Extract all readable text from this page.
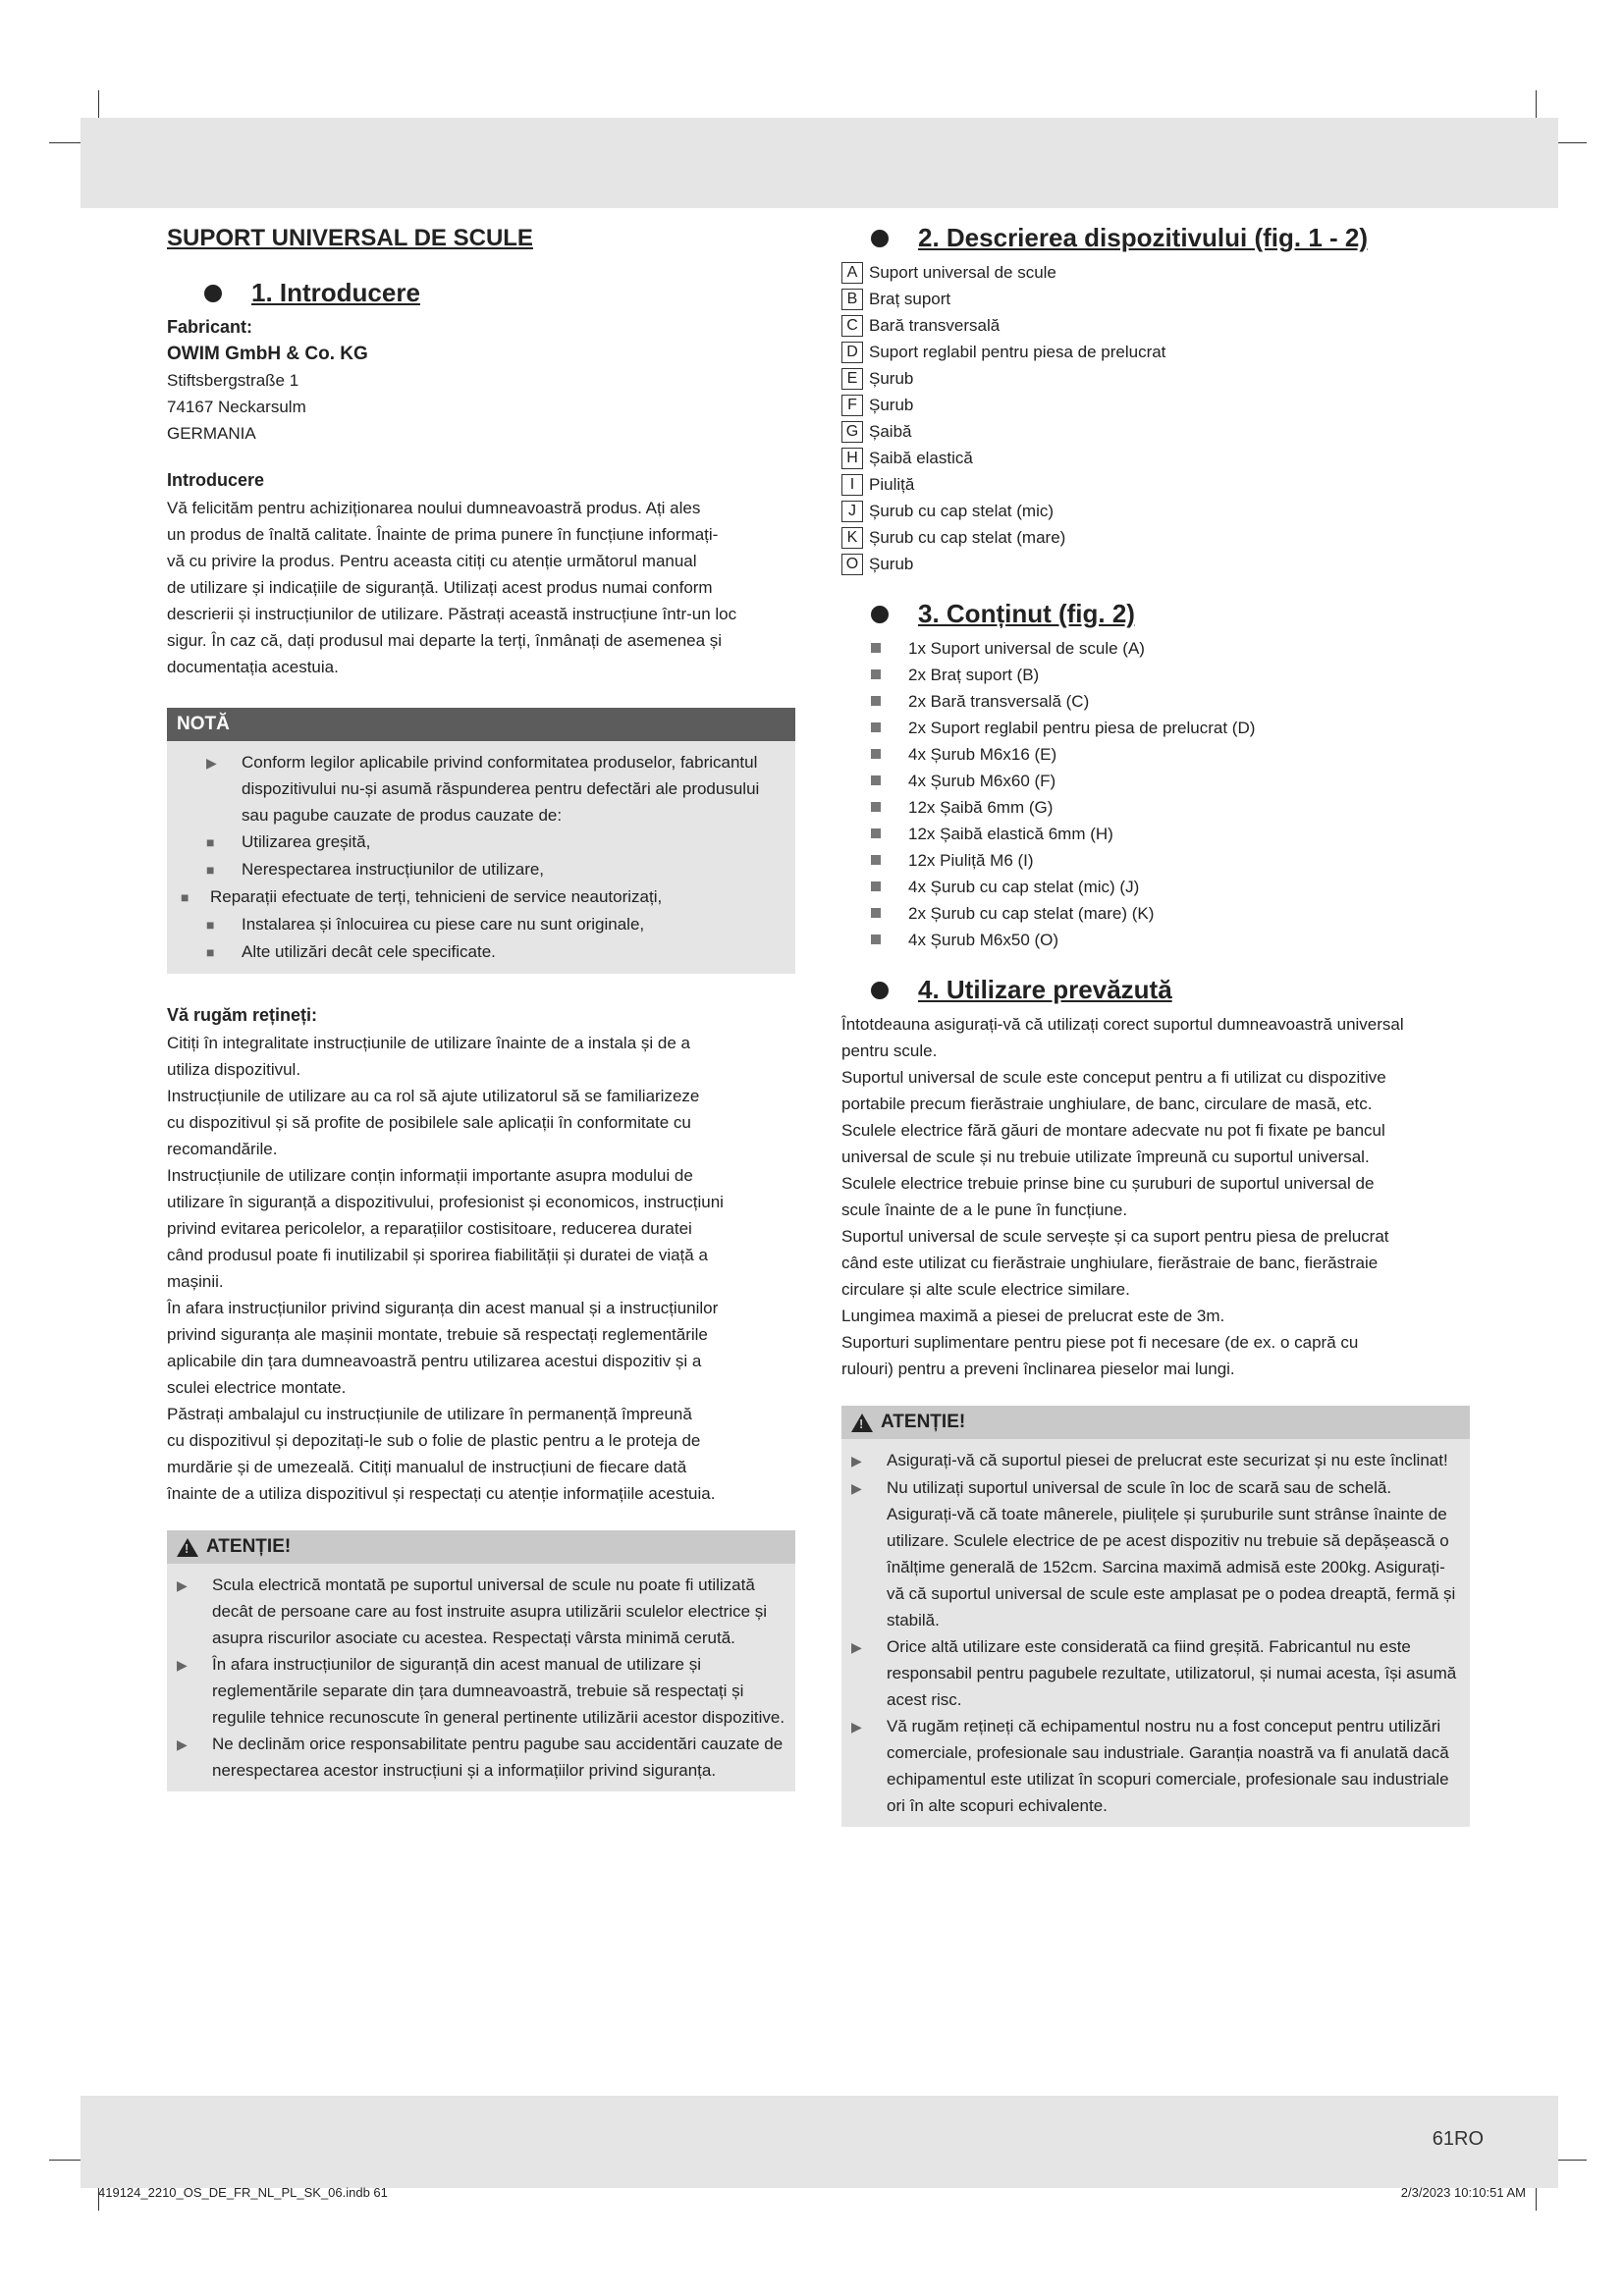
61RO
419124_2210_OS_DE_FR_NL_PL_SK_06.indb 61	2/3/2023 10:10:51 AM
SUPORT UNIVERSAL DE SCULE
1. Introducere

Fabricant:

OWIM GmbH & Co. KG

Stiftsbergstraße 1

74167 Neckarsulm

GERMANIA

Introducere

Vă felicităm pentru achiziționarea noului dumneavoastră produs. Ați ales

un produs de înaltă calitate. Înainte de prima punere în funcțiune informați-

vă cu privire la produs. Pentru aceasta citiți cu atenție următorul manual

de utilizare și indicațiile de siguranță. Utilizați acest produs numai conform

descrierii și instrucțiunilor de utilizare. Păstrați această instrucțiune într-un loc

sigur. În caz că, dați produsul mai departe la terți, înmânați de asemenea și

documentația acestuia.

NOTĂ
▶	Conform legilor aplicabile privind conformitatea produselor, fabricantul dispozitivului nu-și asumă răspunderea pentru defectări ale produsului sau pagube cauzate de produs cauzate de:
■	Utilizarea greșită,
■	Nerespectarea instrucțiunilor de utilizare,
■	Reparații efectuate de terți, tehnicieni de service neautorizați,
■	Instalarea și înlocuirea cu piese care nu sunt originale,
■	Alte utilizări decât cele specificate.
Vă rugăm rețineți:

Citiți în integralitate instrucțiunile de utilizare înainte de a instala și de a

utiliza dispozitivul.

Instrucțiunile de utilizare au ca rol să ajute utilizatorul să se familiarizeze

cu dispozitivul și să profite de posibilele sale aplicații în conformitate cu

recomandările.

Instrucțiunile de utilizare conțin informații importante asupra modului de

utilizare în siguranță a dispozitivului, profesionist și economicos, instrucțiuni

privind evitarea pericolelor, a reparațiilor costisitoare, reducerea duratei

când produsul poate fi inutilizabil și sporirea fiabilității și duratei de viață a

mașinii.

În afara instrucțiunilor privind siguranța din acest manual și a instrucțiunilor

privind siguranța ale mașinii montate, trebuie să respectați reglementările

aplicabile din țara dumneavoastră pentru utilizarea acestui dispozitiv și a

sculei electrice montate.

Păstrați ambalajul cu instrucțiunile de utilizare în permanență împreună

cu dispozitivul și depozitați-le sub o folie de plastic pentru a le proteja de

murdărie și de umezeală. Citiți manualul de instrucțiuni de fiecare dată

înainte de a utiliza dispozitivul și respectați cu atenție informațiile acestuia.

!
ATENȚIE!
▶	Scula electrică montată pe suportul universal de scule nu poate fi utilizată decât de persoane care au fost instruite asupra utilizării sculelor electrice și asupra riscurilor asociate cu acestea. Respectați vârsta minimă cerută.
▶	În afara instrucțiunilor de siguranță din acest manual de utilizare și reglementările separate din țara dumneavoastră, trebuie să respectați și regulile tehnice recunoscute în general pertinente utilizării acestor dispozitive.
▶	Ne declinăm orice responsabilitate pentru pagube sau accidentări cauzate de nerespectarea acestor instrucțiuni și a informațiilor privind siguranța.
2. Descrierea dispozitivului (fig. 1 - 2)
A Suport universal de scule
B Braț suport
C Bară transversală
D Suport reglabil pentru piesa de prelucrat
E Șurub
F Șurub
G Șaibă
H Șaibă elastică
I Piuliță
J Șurub cu cap stelat (mic)
K Șurub cu cap stelat (mare)
O Șurub
3. Conținut (fig. 2)
1x Suport universal de scule (A)
2x Braț suport (B)
2x Bară transversală (C)
2x Suport reglabil pentru piesa de prelucrat (D)
4x Șurub M6x16 (E)
4x Șurub M6x60 (F)
12x Șaibă 6mm (G)
12x Șaibă elastică 6mm (H)
12x Piuliță M6 (I)
4x Șurub cu cap stelat (mic) (J)
2x Șurub cu cap stelat (mare) (K)
4x Șurub M6x50 (O)
4. Utilizare prevăzută

Întotdeauna asigurați-vă că utilizați corect suportul dumneavoastră universal

pentru scule.

Suportul universal de scule este conceput pentru a fi utilizat cu dispozitive

portabile precum fierăstraie unghiulare, de banc, circulare de masă, etc.

Sculele electrice fără găuri de montare adecvate nu pot fi fixate pe bancul

universal de scule și nu trebuie utilizate împreună cu suportul universal.

Sculele electrice trebuie prinse bine cu șuruburi de suportul universal de

scule înainte de a le pune în funcțiune.

Suportul universal de scule servește și ca suport pentru piesa de prelucrat

când este utilizat cu fierăstraie unghiulare, fierăstraie de banc, fierăstraie

circulare și alte scule electrice similare.

Lungimea maximă a piesei de prelucrat este de 3m.

Suporturi suplimentare pentru piese pot fi necesare (de ex. o capră cu

rulouri) pentru a preveni înclinarea pieselor mai lungi.

!
ATENȚIE!
▶	Asigurați-vă că suportul piesei de prelucrat este securizat și nu este înclinat!
▶	Nu utilizați suportul universal de scule în loc de scară sau de schelă. Asigurați-vă că toate mânerele, piulițele și șuruburile sunt strânse înainte de utilizare. Sculele electrice de pe acest dispozitiv nu trebuie să depășească o înălțime generală de 152cm. Sarcina maximă admisă este 200kg. Asigurați-vă că suportul universal de scule este amplasat pe o podea dreaptă, fermă și stabilă.
▶	Orice altă utilizare este considerată ca fiind greșită. Fabricantul nu este responsabil pentru pagubele rezultate, utilizatorul, și numai acesta, își asumă acest risc.
▶	Vă rugăm rețineți că echipamentul nostru nu a fost conceput pentru utilizări comerciale, profesionale sau industriale. Garanția noastră va fi anulată dacă echipamentul este utilizat în scopuri comerciale, profesionale sau industriale ori în alte scopuri echivalente.
